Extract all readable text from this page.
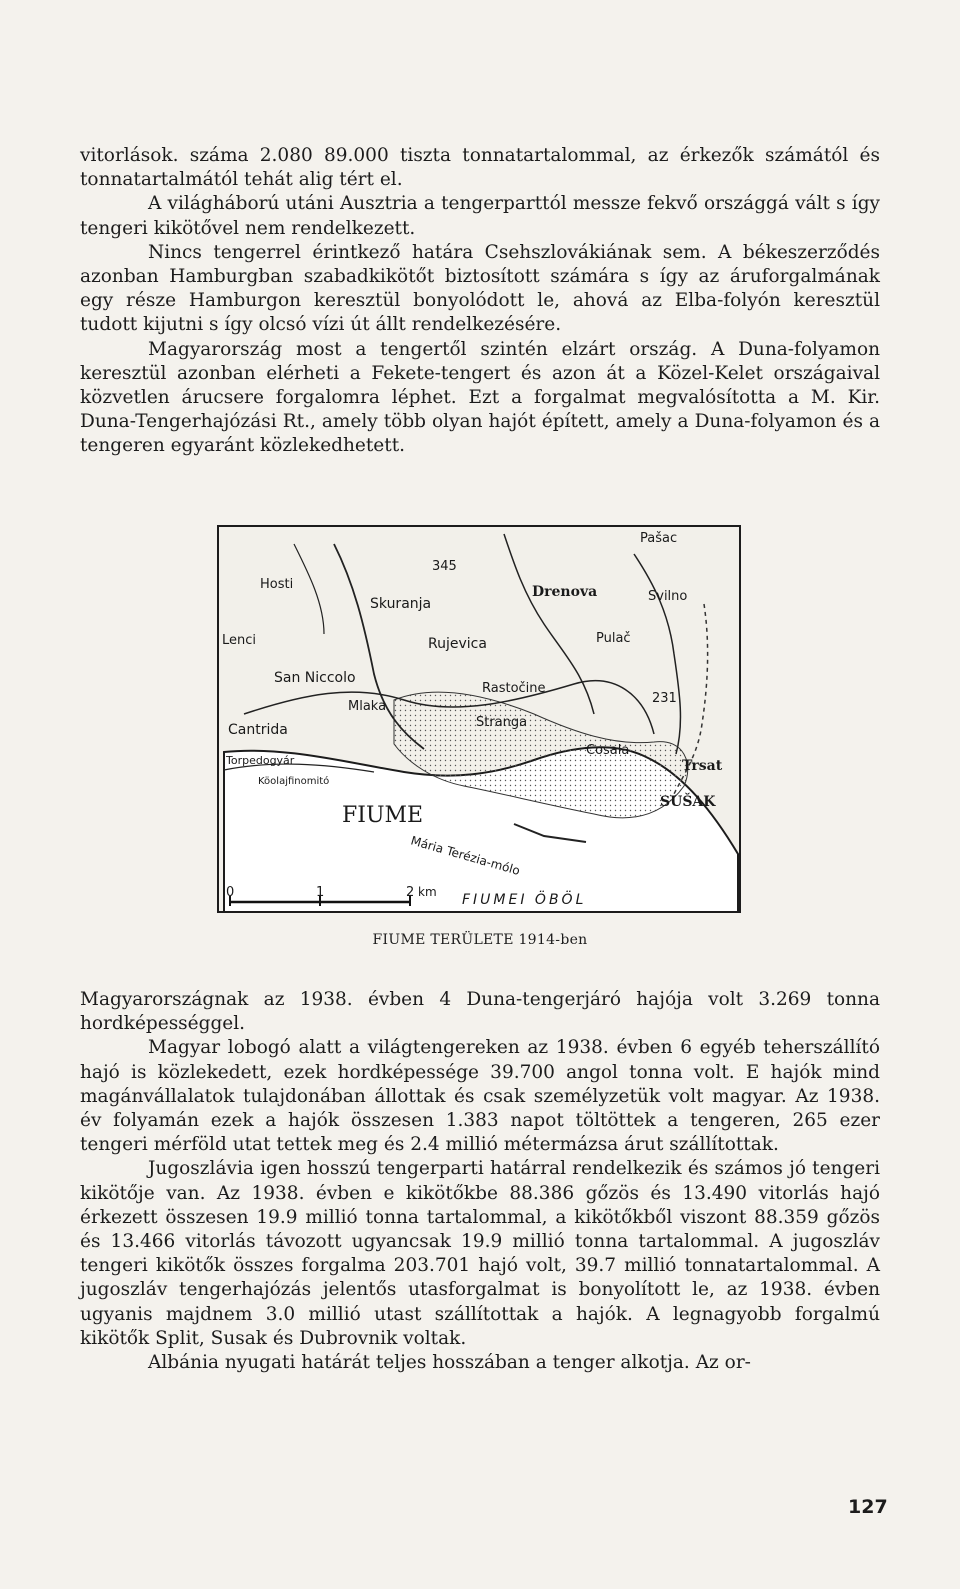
vitorlások. száma 2.080 89.000 tiszta tonnatartalommal, az érkezők számától és tonnatartalmától tehát alig tért el.

A világháború utáni Ausztria a tengerparttól messze fekvő országgá vált s így tengeri kikötővel nem rendelkezett.

Nincs tengerrel érintkező határa Csehszlovákiának sem. A békeszerződés azonban Hamburgban szabadkikötőt biztosított számára s így az áruforgalmának egy része Hamburgon keresztül bonyolódott le, ahová az Elba-folyón keresztül tudott kijutni s így olcsó vízi út állt rendelkezésére.

Magyarország most a tengertől szintén elzárt ország. A Duna-folyamon keresztül azonban elérheti a Fekete-tengert és azon át a Közel-Kelet országaival közvetlen árucsere forgalomra léphet. Ezt a forgalmat megvalósította a M. Kir. Duna-Tengerhajózási Rt., amely több olyan hajót épített, amely a Duna-folyamon és a tengeren egyaránt közlekedhetett.

Pašac
Hosti
345
Skuranja
Drenova	Svilno
Lenci	Rujevica	Pulač
San Niccolo
Rastočine
231
Cantrida
Mlaka
Stranga
Cosala
Torpedogyár
Köolajfinomitó
Trsat
SUŠAK
FIUME
Mária Terézia-mólo
0	1	2 km FIUMEI ÖBÖL
FIUME TERÜLETE 1914-ben

Magyarországnak az 1938. évben 4 Duna-tengerjáró hajója volt 3.269 tonna hordképességgel.

Magyar lobogó alatt a világtengereken az 1938. évben 6 egyéb teherszállító hajó is közlekedett, ezek hordképessége 39.700 angol tonna volt. E hajók mind magánvállalatok tulajdonában állottak és csak személyzetük volt magyar. Az 1938. év folyamán ezek a hajók összesen 1.383 napot töltöttek a tengeren, 265 ezer tengeri mérföld utat tettek meg és 2.4 millió métermázsa árut szállítottak.

Jugoszlávia igen hosszú tengerparti határral rendelkezik és számos jó tengeri kikötője van. Az 1938. évben e kikötőkbe 88.386 gőzös és 13.490 vitorlás hajó érkezett összesen 19.9 millió tonna tartalommal, a kikötőkből viszont 88.359 gőzös és 13.466 vitorlás távozott ugyancsak 19.9 millió tonna tartalommal. A jugoszláv tengeri kikötők összes forgalma 203.701 hajó volt, 39.7 millió tonnatartalommal. A jugoszláv tengerhajózás jelentős utasforgalmat is bonyolított le, az 1938. évben ugyanis majdnem 3.0 millió utast szállítottak a hajók. A legnagyobb forgalmú kikötők Split, Susak és Dubrovnik voltak.

Albánia nyugati határát teljes hosszában a tenger alkotja. Az or-

127
